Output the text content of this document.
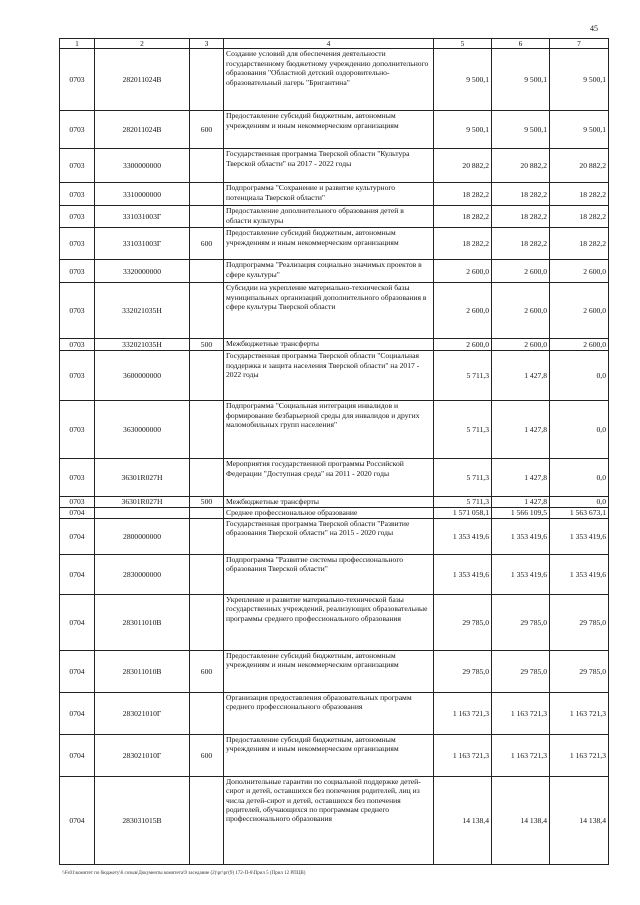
45
1	2	3	4	5	6	7
0703	282011024В		Создание условий для обеспечения деятельности государственному бюджетному учреждению дополнительного образования "Областной детский оздоровительно-образовательный лагерь "Бригантина"	9 500,1	9 500,1	9 500,1
0703	282011024В	600	Предоставление субсидий бюджетным, автономным учреждениям и иным некоммерческим организациям	9 500,1	9 500,1	9 500,1
0703	3300000000		Государственная программа Тверской области "Культура Тверской области" на 2017 - 2022 годы	20 882,2	20 882,2	20 882,2
0703	3310000000		Подпрограмма "Сохранение и развитие культурного потенциала Тверской области"	18 282,2	18 282,2	18 282,2
0703	331031003Г		Предоставление дополнительного образования детей в области культуры	18 282,2	18 282,2	18 282,2
0703	331031003Г	600	Предоставление субсидий бюджетным, автономным учреждениям и иным некоммерческим организациям	18 282,2	18 282,2	18 282,2
0703	3320000000		Подпрограмма "Реализация социально значимых проектов в сфере культуры"	2 600,0	2 600,0	2 600,0
0703	332021035Н		Субсидии на укрепление материально-технической базы муниципальных организаций дополнительного образования в сфере культуры Тверской области	2 600,0	2 600,0	2 600,0
0703	332021035Н	500	Межбюджетные трансферты	2 600,0	2 600,0	2 600,0
0703	3600000000		Государственная программа Тверской области "Социальная поддержка и защита населения Тверской области" на 2017 - 2022 годы	5 711,3	1 427,8	0,0
0703	3630000000		Подпрограмма "Социальная интеграция инвалидов и формирование безбарьерной среды для инвалидов и других маломобильных групп населения"	5 711,3	1 427,8	0,0
0703	36301R027Н		Мероприятия государственной программы Российской Федерации "Доступная среда" на 2011 - 2020 годы	5 711,3	1 427,8	0,0
0703	36301R027Н	500	Межбюджетные трансферты	5 711,3	1 427,8	0,0
0704			Среднее профессиональное образование	1 571 058,1	1 566 109,5	1 563 673,1
0704	2800000000		Государственная программа Тверской области "Развитие образования Тверской области" на 2015 - 2020 годы	1 353 419,6	1 353 419,6	1 353 419,6
0704	2830000000		Подпрограмма "Развитие системы профессионального образования Тверской области"	1 353 419,6	1 353 419,6	1 353 419,6
0704	283011010В		Укрепление и развитие материально-технической базы государственных учреждений, реализующих образовательные программы среднего профессионального образования	29 785,0	29 785,0	29 785,0
0704	283011010В	600	Предоставление субсидий бюджетным, автономным учреждениям и иным некоммерческим организациям	29 785,0	29 785,0	29 785,0
0704	283021010Г		Организация предоставления образовательных программ среднего профессионального образования	1 163 721,3	1 163 721,3	1 163 721,3
0704	283021010Г	600	Предоставление субсидий бюджетным, автономным учреждениям и иным некоммерческим организациям	1 163 721,3	1 163 721,3	1 163 721,3
0704	283031015В		Дополнительные гарантии по социальной поддержке детей-сирот и детей, оставшихся без попечения родителей, лиц из числа детей-сирот и детей, оставшихся без попечения родителей, обучающихся по программам среднего профессионального образования	14 138,4	14 138,4	14 138,4
\\Fs01\комитет по бюджету\6 созыв\Документы комитета\9 заседание (2)\рг\рг(9) 172-П-6\Прил 5 (Прил 12 РПЦВ)
